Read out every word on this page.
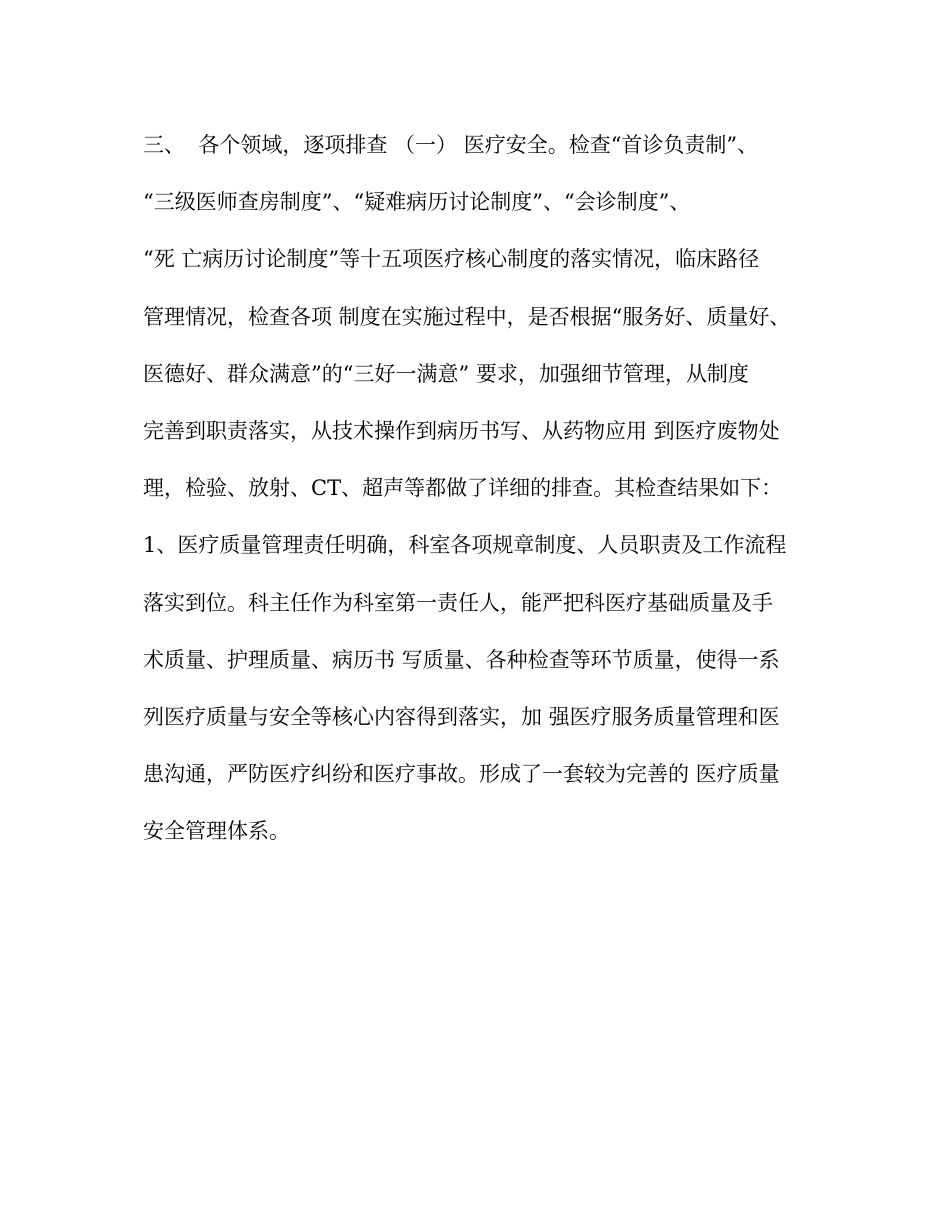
三、  各个领域，逐项排查 （一） 医疗安全。检查“首诊负责制”、
“三级医师查房制度”、“疑难病历讨论制度”、“会诊制度”、
“死 亡病历讨论制度”等十五项医疗核心制度的落实情况，临床路径
管理情况，检查各项 制度在实施过程中，是否根据“服务好、质量好、
医德好、群众满意”的“三好一满意” 要求，加强细节管理，从制度
完善到职责落实，从技术操作到病历书写、从药物应用 到医疗废物处
理，检验、放射、CT、超声等都做了详细的排查。其检查结果如下：
1、医疗质量管理责任明确，科室各项规章制度、人员职责及工作流程
落实到位。科主任作为科室第一责任人，能严把科医疗基础质量及手
术质量、护理质量、病历书 写质量、各种检查等环节质量，使得一系
列医疗质量与安全等核心内容得到落实，加 强医疗服务质量管理和医
患沟通，严防医疗纠纷和医疗事故。形成了一套较为完善的 医疗质量
安全管理体系。
